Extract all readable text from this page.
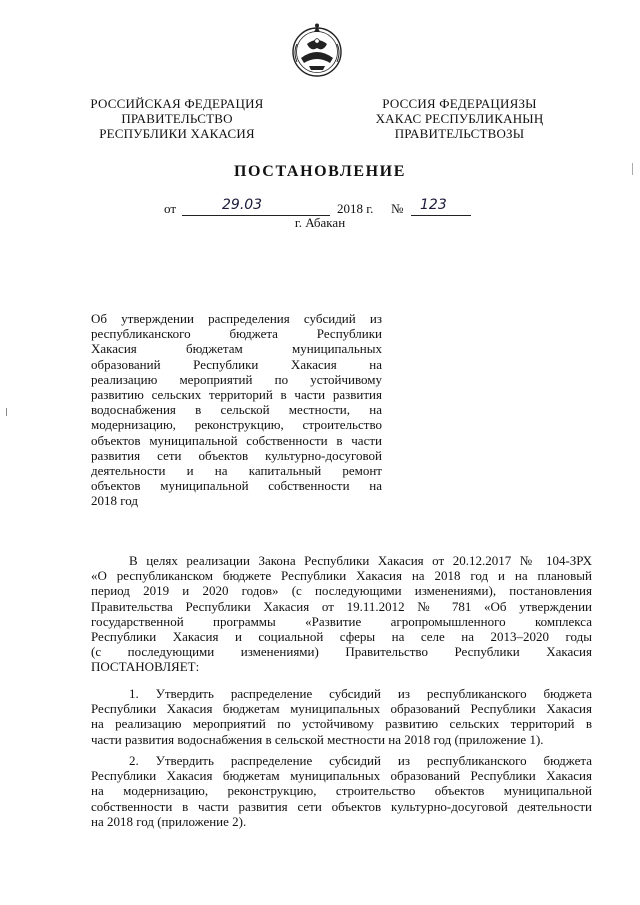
РОССИЙСКАЯ ФЕДЕРАЦИЯ
ПРАВИТЕЛЬСТВО
РЕСПУБЛИКИ ХАКАСИЯ
РОССИЯ ФЕДЕРАЦИЯЗЫ
ХАКАС РЕСПУБЛИКАНЫҢ
ПРАВИТЕЛЬСТВОЗЫ
ПОСТАНОВЛЕНИЕ
от	29.03	2018 г. № 123
г. Абакан
Об утверждении распределения субсидий из
республиканского бюджета Республики
Хакасия бюджетам муниципальных
образований Республики Хакасия на
реализацию мероприятий по устойчивому
развитию сельских территорий в части развития
водоснабжения в сельской местности, на
модернизацию, реконструкцию, строительство
объектов муниципальной собственности в части
развития сети объектов культурно-досуговой
деятельности и на капитальный ремонт
объектов муниципальной собственности на
2018 год
В целях реализации Закона Республики Хакасия от 20.12.2017 № 104-ЗРХ
«О республиканском бюджете Республики Хакасия на 2018 год и на плановый
период 2019 и 2020 годов» (с последующими изменениями), постановления
Правительства Республики Хакасия от 19.11.2012 № 781 «Об утверждении
государственной программы «Развитие агропромышленного комплекса
Республики Хакасия и социальной сферы на селе на 2013–2020 годы
(с последующими изменениями) Правительство Республики Хакасия
ПОСТАНОВЛЯЕТ:
1. Утвердить распределение субсидий из республиканского бюджета
Республики Хакасия бюджетам муниципальных образований Республики Хакасия
на реализацию мероприятий по устойчивому развитию сельских территорий в
части развития водоснабжения в сельской местности на 2018 год (приложение 1).
2. Утвердить распределение субсидий из республиканского бюджета
Республики Хакасия бюджетам муниципальных образований Республики Хакасия
на модернизацию, реконструкцию, строительство объектов муниципальной
собственности в части развития сети объектов культурно-досуговой деятельности
на 2018 год (приложение 2).
